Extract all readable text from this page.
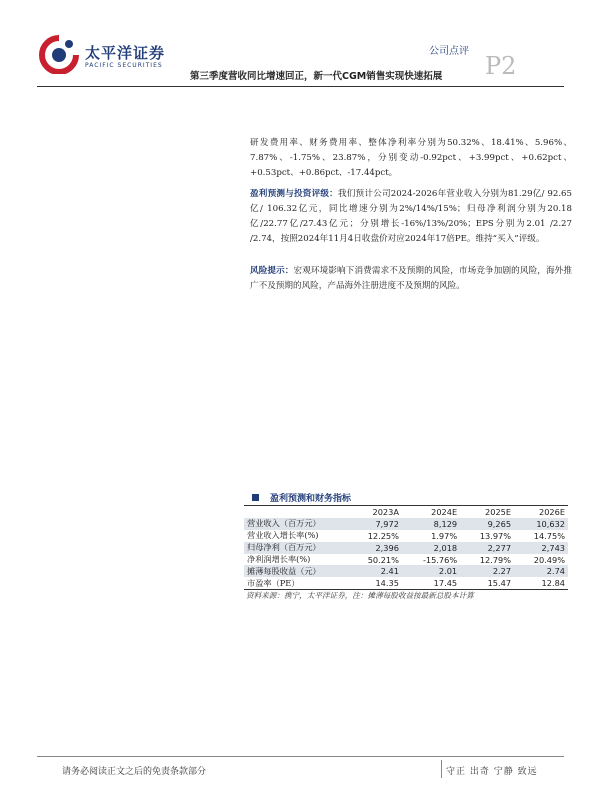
太平洋证券
PACIFIC SECURITIES
公司点评
P2
第三季度营收同比增速回正，新一代CGM销售实现快速拓展
研发费用率、财务费用率、整体净利率分别为50.32%、18.41%、5.96%、7.87%、-1.75%、23.87%，分别变动-0.92pct、+3.99pct、+0.62pct、+0.53pct、+0.86pct、-17.44pct。
盈利预测与投资评级：我们预计公司2024-2026年营业收入分别为81.29亿/ 92.65亿/ 106.32亿元，同比增速分别为2%/14%/15%；归母净利润分别为20.18亿/22.77亿/27.43亿元；分别增长-16%/13%/20%；EPS分别为2.01 /2.27 /2.74，按照2024年11月4日收盘价对应2024年17倍PE。维持“买入”评级。
风险提示：宏观环境影响下消费需求不及预期的风险，市场竞争加剧的风险，海外推广不及预期的风险，产品海外注册进度不及预期的风险。
盈利预测和财务指标
	2023A	2024E	2025E	2026E
营业收入（百万元）	7,972	8,129	9,265	10,632
营业收入增长率(%)	12.25%	1.97%	13.97%	14.75%
归母净利（百万元）	2,396	2,018	2,277	2,743
净利润增长率(%)	50.21%	-15.76%	12.79%	20.49%
摊薄每股收益（元）	2.41	2.01	2.27	2.74
市盈率（PE）	14.35	17.45	15.47	12.84
资料来源：携宁，太平洋证券，注：摊薄每股收益按最新总股本计算
请务必阅读正文之后的免责条款部分	守正 出奇 宁静 致远
